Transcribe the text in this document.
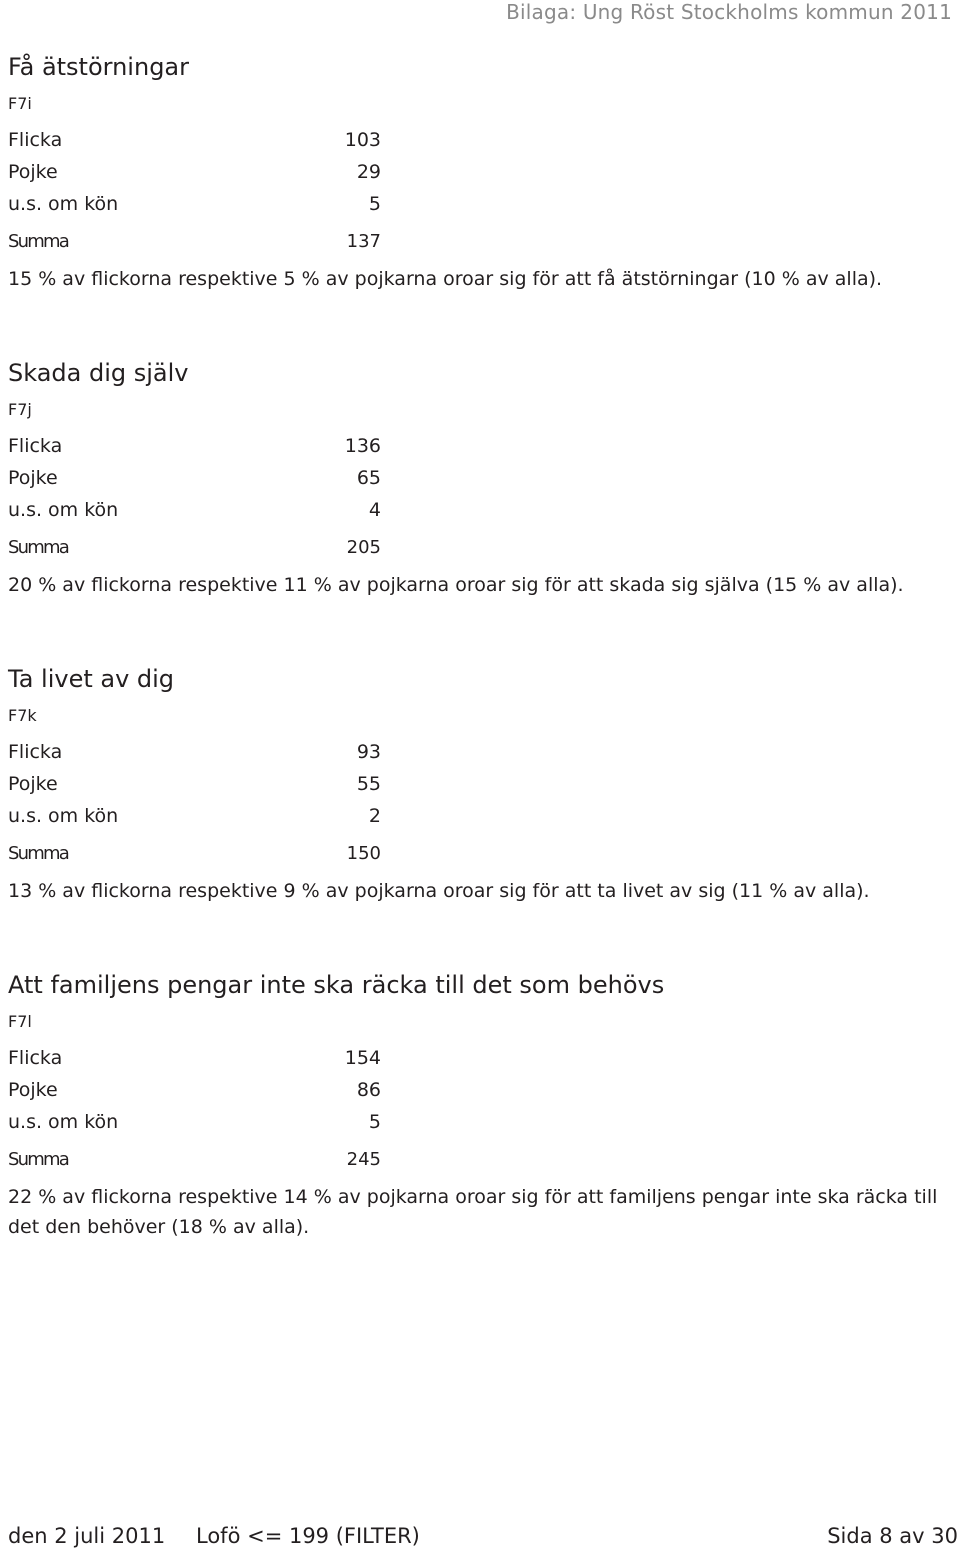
Bilaga: Ung Röst Stockholms kommun 2011
Få ätstörningar
F7i
Flicka	103
Pojke	29
u.s. om kön	5
Summa	137
15 % av flickorna respektive 5 % av pojkarna oroar sig för att få ätstörningar (10 % av alla).
Skada dig själv
F7j
Flicka	136
Pojke	65
u.s. om kön	4
Summa	205
20 % av flickorna respektive 11 % av pojkarna oroar sig för att skada sig själva (15 % av alla).
Ta livet av dig
F7k
Flicka	93
Pojke	55
u.s. om kön	2
Summa	150
13 % av flickorna respektive 9 % av pojkarna oroar sig för att ta livet av sig (11 % av alla).
Att familjens pengar inte ska räcka till det som behövs
F7l
Flicka	154
Pojke	86
u.s. om kön	5
Summa	245
22 % av flickorna respektive 14 % av pojkarna oroar sig för att familjens pengar inte ska räcka till det den behöver (18 % av alla).
den 2 juli 2011 Lofö <= 199 (FILTER)	Sida 8 av 30
